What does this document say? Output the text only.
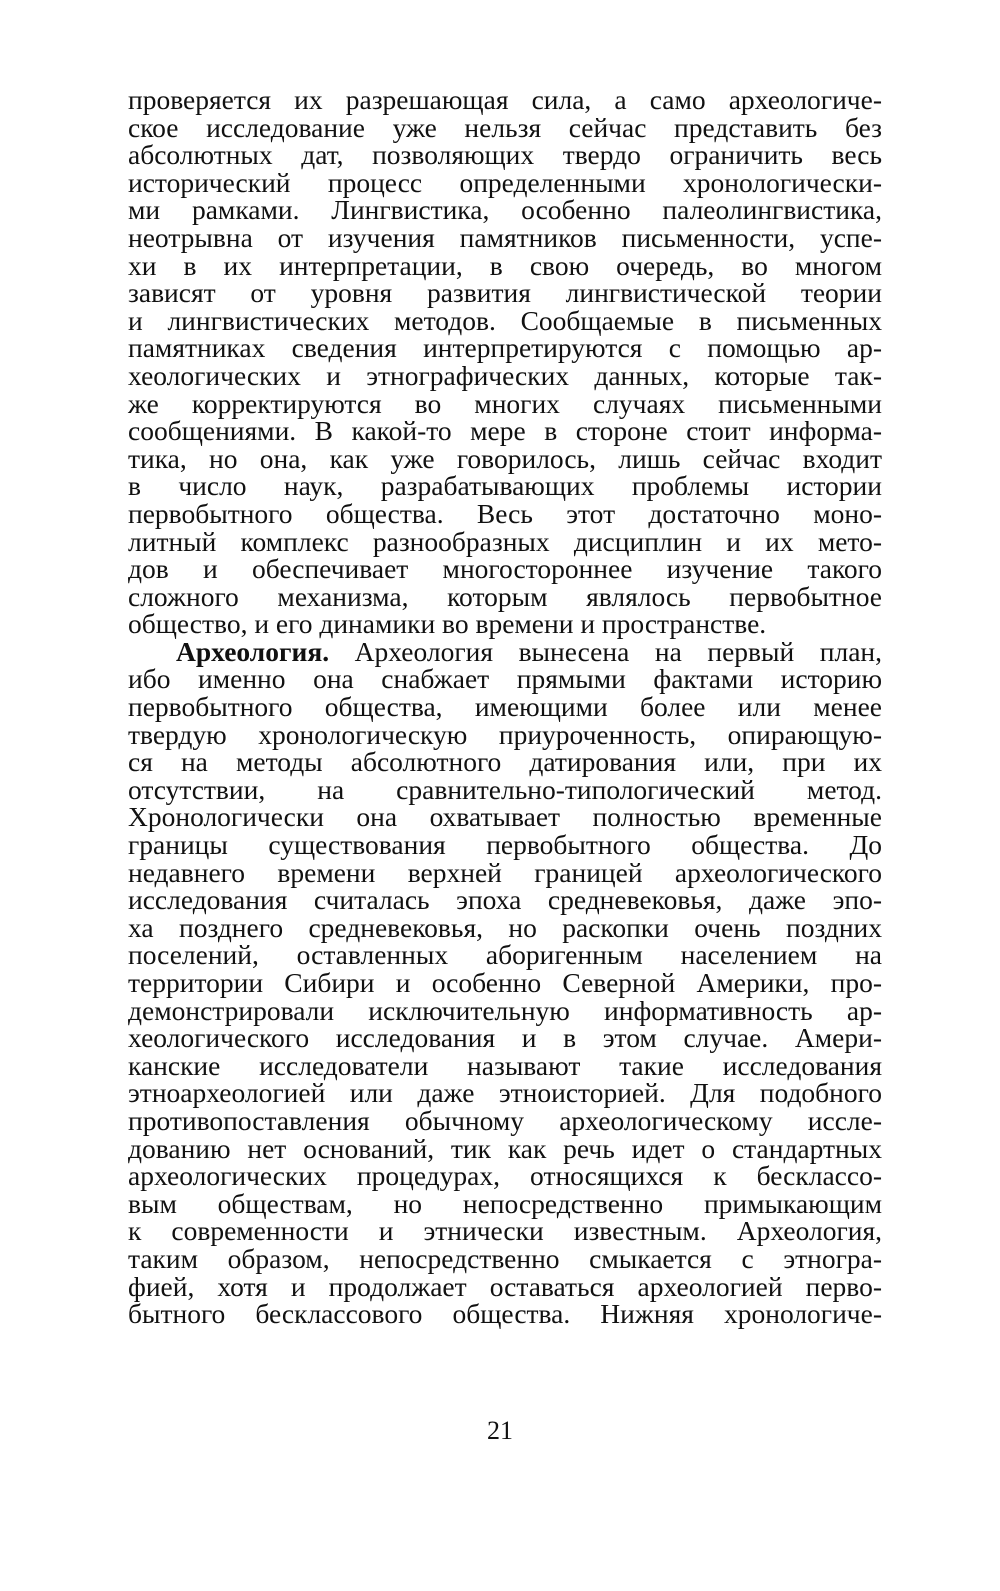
проверяется их разрешающая сила, а само археологиче-
ское исследование уже нельзя сейчас представить без
абсолютных дат, позволяющих твердо ограничить весь
исторический процесс определенными хронологически-
ми рамками. Лингвистика, особенно палеолингвистика,
неотрывна от изучения памятников письменности, успе-
хи в их интерпретации, в свою очередь, во многом
зависят от уровня развития лингвистической теории
и лингвистических методов. Сообщаемые в письменных
памятниках сведения интерпретируются с помощью ар-
хеологических и этнографических данных, которые так-
же корректируются во многих случаях письменными
сообщениями. В какой-то мере в стороне стоит информа-
тика, но она, как уже говорилось, лишь сейчас входит
в число наук, разрабатывающих проблемы истории
первобытного общества. Весь этот достаточно моно-
литный комплекс разнообразных дисциплин и их мето-
дов и обеспечивает многостороннее изучение такого
сложного механизма, которым являлось первобытное
общество, и его динамики во времени и пространстве.
Археология. Археология вынесена на первый план,
ибо именно она снабжает прямыми фактами историю
первобытного общества, имеющими более или менее
твердую хронологическую приуроченность, опирающую-
ся на методы абсолютного датирования или, при их
отсутствии, на сравнительно-типологический метод.
Хронологически она охватывает полностью временные
границы существования первобытного общества. До
недавнего времени верхней границей археологического
исследования считалась эпоха средневековья, даже эпо-
ха позднего средневековья, но раскопки очень поздних
поселений, оставленных аборигенным населением на
территории Сибири и особенно Северной Америки, про-
демонстрировали исключительную информативность ар-
хеологического исследования и в этом случае. Амери-
канские исследователи называют такие исследования
этноархеологией или даже этноисторией. Для подобного
противопоставления обычному археологическому иссле-
дованию нет оснований, тик как речь идет о стандартных
археологических процедурах, относящихся к бесклассо-
вым обществам, но непосредственно примыкающим
к современности и этнически известным. Археология,
таким образом, непосредственно смыкается с этногра-
фией, хотя и продолжает оставаться археологией перво-
бытного бесклассового общества. Нижняя хронологиче-
21
